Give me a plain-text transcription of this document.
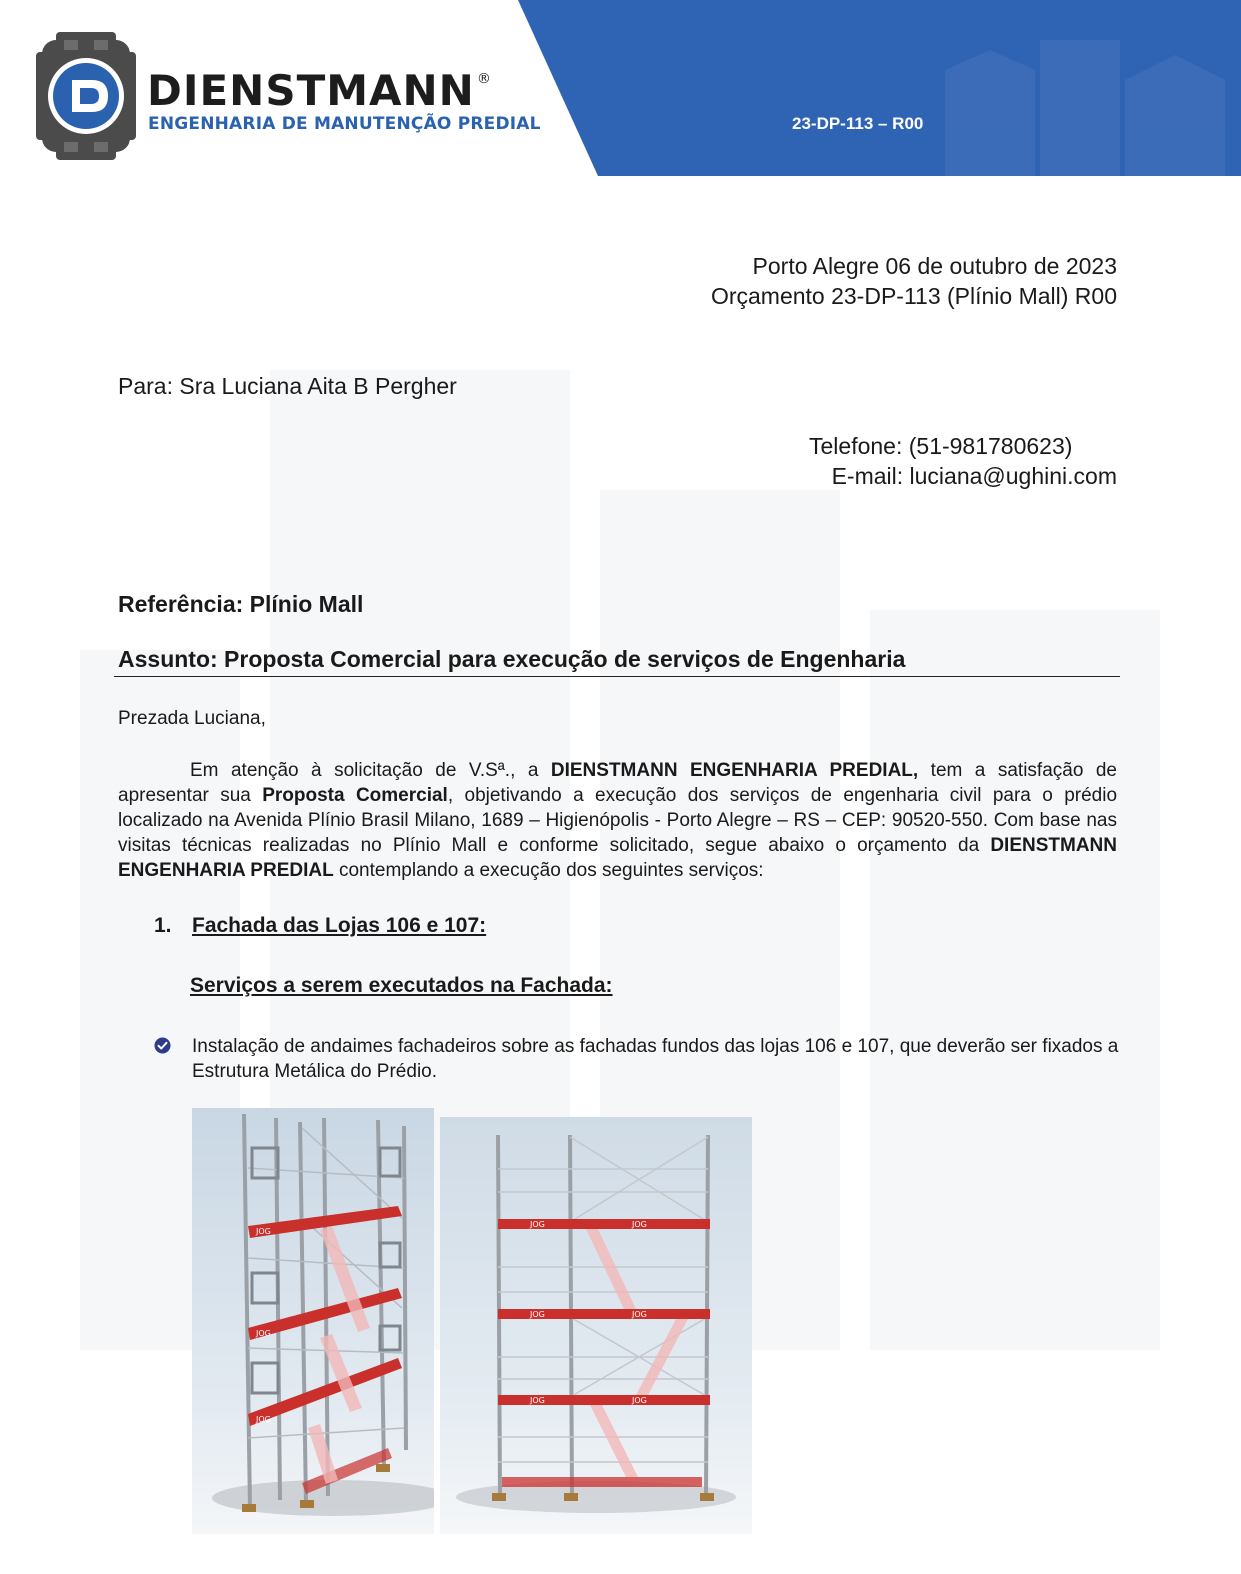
DIENSTMANN ®
ENGENHARIA DE MANUTENÇÃO PREDIAL	23-DP-113 – R00
Porto Alegre 06 de outubro de 2023
Orçamento 23-DP-113 (Plínio Mall) R00
Para: Sra Luciana Aita B Pergher
Telefone: (51-981780623)
E-mail: luciana@ughini.com
Referência: Plínio Mall
Assunto: Proposta Comercial para execução de serviços de Engenharia
Prezada Luciana,
Em atenção à solicitação de V.Sª., a DIENSTMANN ENGENHARIA PREDIAL, tem a satisfação de apresentar sua Proposta Comercial, objetivando a execução dos serviços de engenharia civil para o prédio localizado na Avenida Plínio Brasil Milano, 1689 – Higienópolis - Porto Alegre – RS – CEP: 90520-550. Com base nas visitas técnicas realizadas no Plínio Mall e conforme solicitado, segue abaixo o orçamento da DIENSTMANN ENGENHARIA PREDIAL contemplando a execução dos seguintes serviços:
1. Fachada das Lojas 106 e 107:
Serviços a serem executados na Fachada:
Instalação de andaimes fachadeiros sobre as fachadas fundos das lojas 106 e 107, que deverão ser fixados a Estrutura Metálica do Prédio.
JOG
JOG
JOG
JOG	JOG
JOG	JOG
JOG	JOG
